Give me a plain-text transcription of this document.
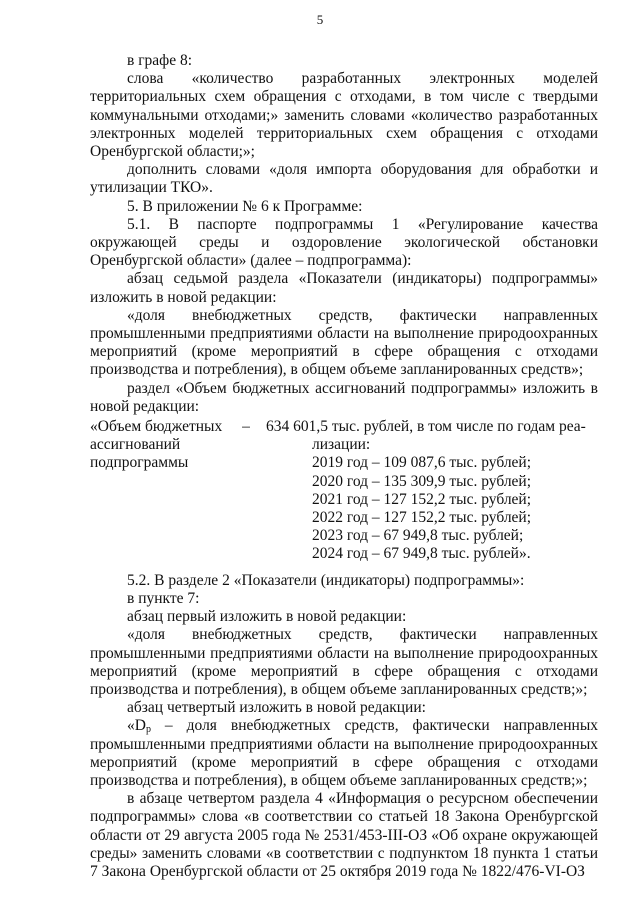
5

в графе 8:

слова «количество разработанных электронных моделей территориальных схем обращения с отходами, в том числе с твердыми коммунальными отходами;» заменить словами «количество разработанных электронных моделей территориальных схем обращения с отходами Оренбургской области;»;

дополнить словами «доля импорта оборудования для обработки и утилизации ТКО».

5. В приложении № 6 к Программе:

5.1. В паспорте подпрограммы 1 «Регулирование качества окружающей среды и оздоровление экологической обстановки Оренбургской области» (далее – подпрограмма):

абзац седьмой раздела «Показатели (индикаторы) подпрограммы» изложить в новой редакции:

«доля внебюджетных средств, фактически направленных промышленными предприятиями области на выполнение природоохранных мероприятий (кроме мероприятий в сфере обращения с отходами производства и потребления), в общем объеме запланированных средств»;

раздел «Объем бюджетных ассигнований подпрограммы» изложить в новой редакции:

«Объем бюджетных
ассигнований
подпрограммы
–	634 601,5 тыс. рублей, в том числе по годам реа-
лизации:
2019 год – 109 087,6 тыс. рублей;
2020 год – 135 309,9 тыс. рублей;
2021 год – 127 152,2 тыс. рублей;
2022 год – 127 152,2 тыс. рублей;
2023 год – 67 949,8 тыс. рублей;
2024 год – 67 949,8 тыс. рублей».

5.2. В разделе 2 «Показатели (индикаторы) подпрограммы»:

в пункте 7:

абзац первый изложить в новой редакции:

«доля внебюджетных средств, фактически направленных промышленными предприятиями области на выполнение природоохранных мероприятий (кроме мероприятий в сфере обращения с отходами производства и потребления), в общем объеме запланированных средств;»;

абзац четвертый изложить в новой редакции:

«$D_p$ – доля внебюджетных средств, фактически направленных промышленными предприятиями области на выполнение природоохранных мероприятий (кроме мероприятий в сфере обращения с отходами производства и потребления), в общем объеме запланированных средств;»;

в абзаце четвертом раздела 4 «Информация о ресурсном обеспечении подпрограммы» слова «в соответствии со статьей 18 Закона Оренбургской области от 29 августа 2005 года № 2531/453-III-ОЗ «Об охране окружающей среды» заменить словами «в соответствии с подпунктом 18 пункта 1 статьи 7 Закона Оренбургской области от 25 октября 2019 года № 1822/476-VI-ОЗ
